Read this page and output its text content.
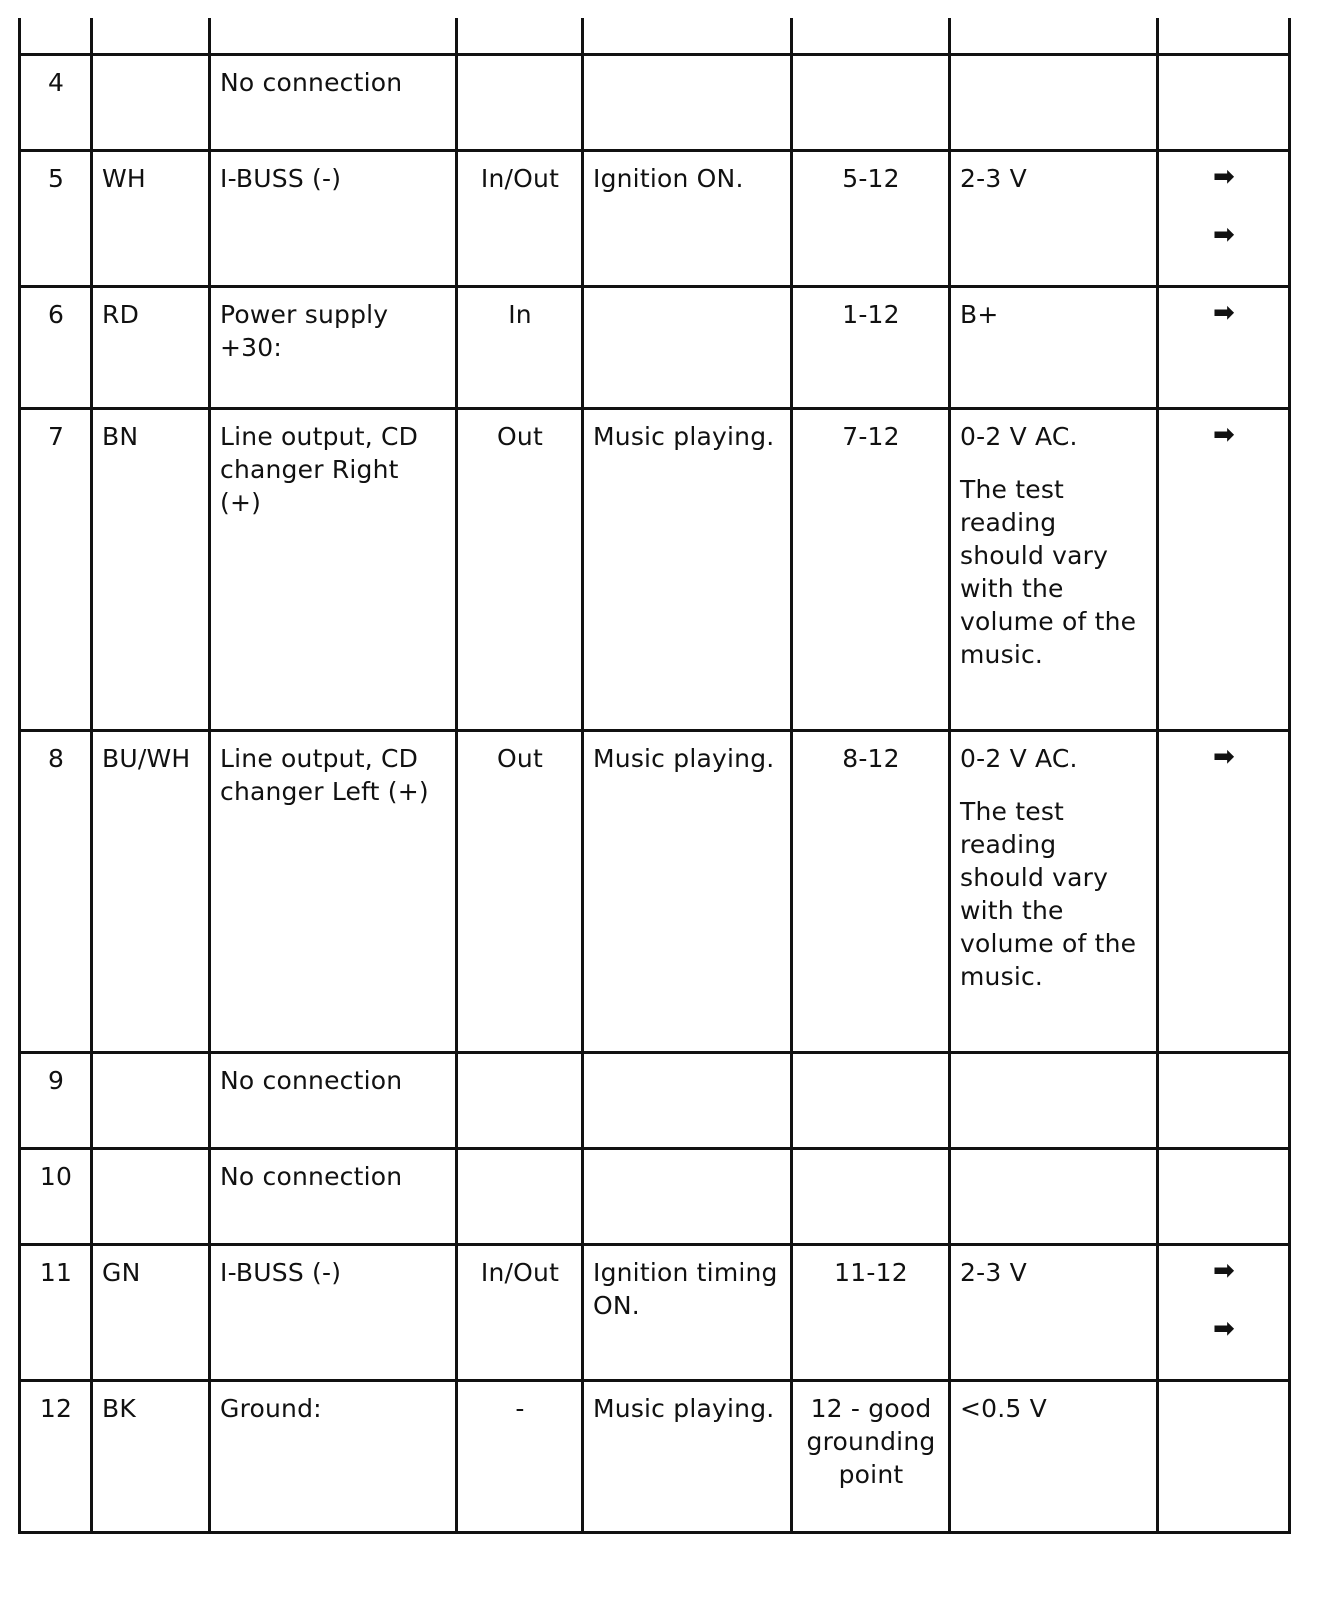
4		No connection					
5	WH	I-BUSS (-)	In/Out	Ignition ON.	5-12	2-3 V	➡
➡

6	RD	Power supply +30:	In		1-12	B+	➡

7	BN	Line output, CD changer Right (+)	Out	Music playing.	7-12	0-2 V AC.
The test reading should vary with the volume of the music.	➡

8	BU/WH	Line output, CD changer Left (+)	Out	Music playing.	8-12	0-2 V AC.
The test reading should vary with the volume of the music.	➡

9		No connection					
10		No connection					
11	GN	I-BUSS (-)	In/Out	Ignition timing ON.	11-12	2-3 V	➡
➡

12	BK	Ground:	-	Music playing.	12 - good grounding point	<0.5 V	
